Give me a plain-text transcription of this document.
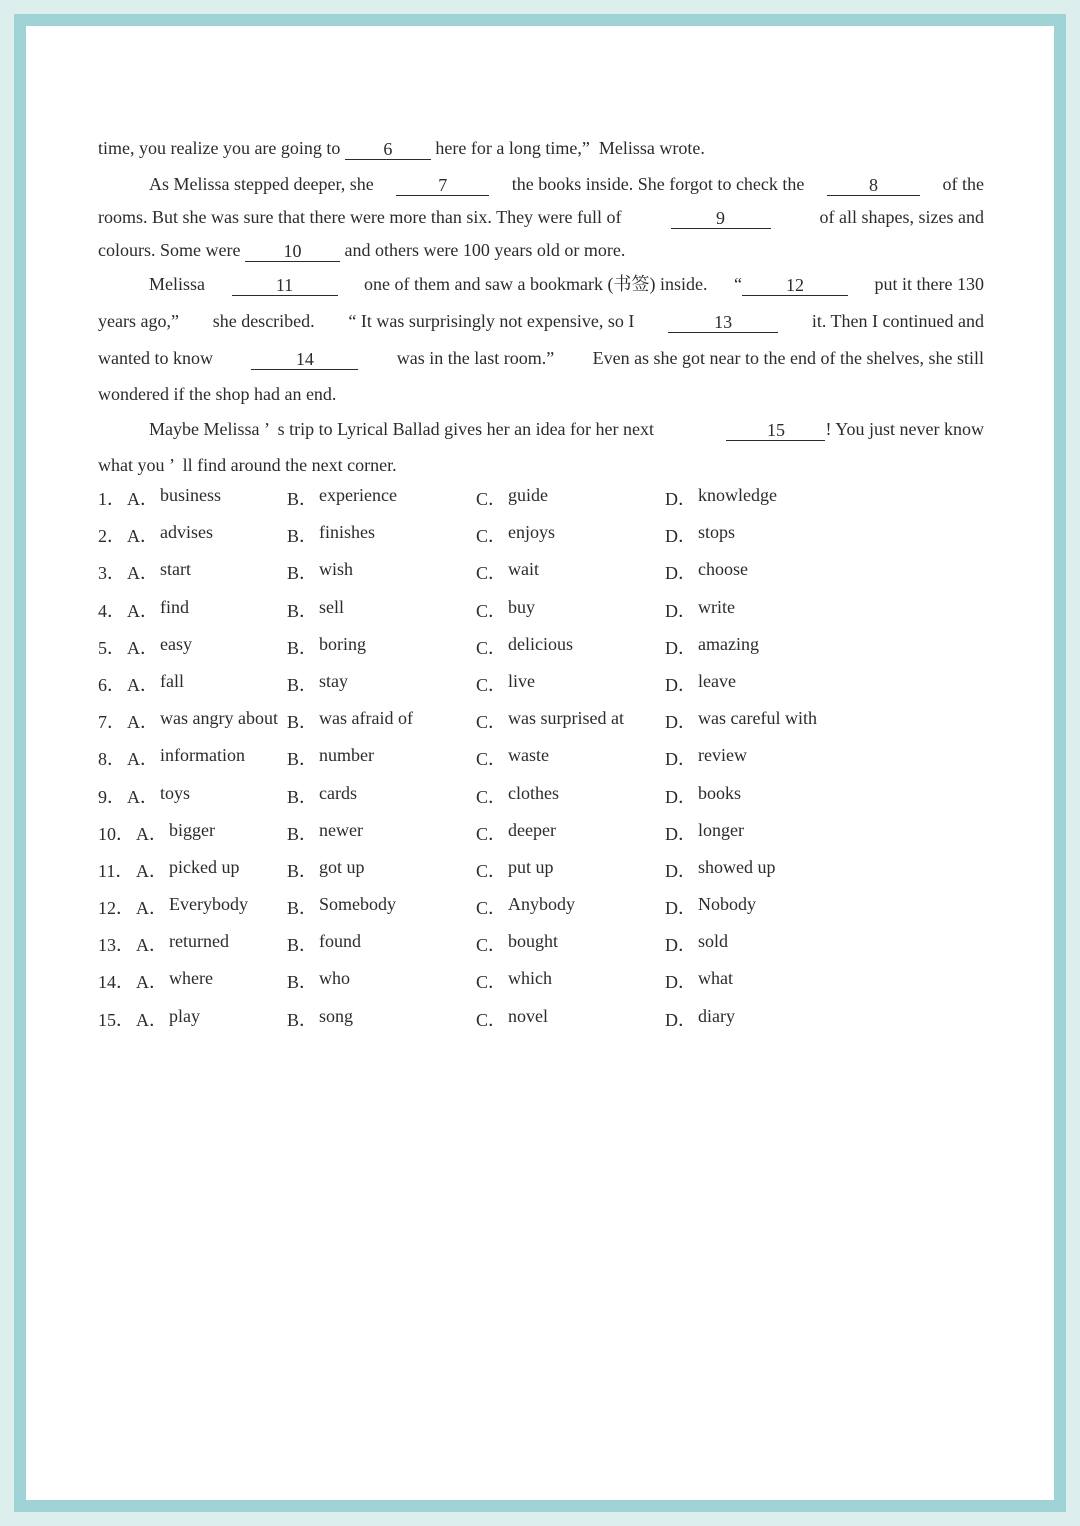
time, you realize you are going to	6	here for a long time,”  Melissa wrote.
As Melissa stepped deeper, she	7	the books inside. She forgot to check the	8	of the
rooms. But she was sure that there were more than six. They were full of	9	of all shapes, sizes and
colours. Some were	10	and others were 100 years old or more.
Melissa	11	one of them and saw a bookmark (书签) inside. “	12	put it there 130
years ago,” she described. “ It was surprisingly not expensive, so I	13	it. Then I continued and
wanted to know	14	was in the last room.” Even as she got near to the end of the shelves, she still
wondered if the shop had an end.
Maybe Melissa ’  s trip to Lyrical Ballad gives her an idea for her next	15	! You just never know
what you ’  ll find around the next corner.
1． A． business	B． experience	C． guide	D． knowledge
2． A． advises	B． finishes	C． enjoys	D． stops
3． A． start	B． wish	C． wait	D． choose
4． A． find	B． sell	C． buy	D． write
5． A． easy	B． boring	C． delicious	D． amazing
6． A． fall	B． stay	C． live	D． leave
7． A． was angry about B． was afraid of	C． was surprised at D． was careful with
8． A． information B． number	C． waste	D． review
9． A． toys	B． cards	C． clothes	D． books
10． A． bigger	B． newer	C． deeper	D． longer
11． A． picked up	B． got up	C． put up	D． showed up
12． A． Everybody B． Somebody	C． Anybody	D． Nobody
13． A． returned	B． found	C． bought	D． sold
14． A． where	B． who	C． which	D． what
15． A． play	B． song	C． novel	D． diary
